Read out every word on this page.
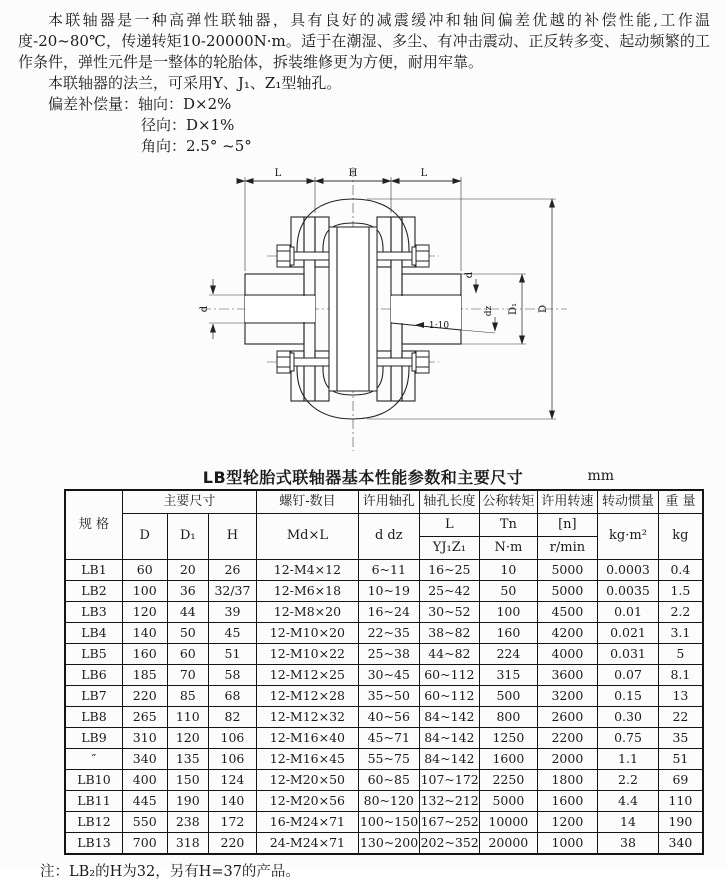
本联轴器是一种高弹性联轴器，具有良好的减震缓冲和轴间偏差优越的补偿性能,工作温度-20~80℃，传递转矩10-20000N·m。适于在潮湿、多尘、有冲击震动、正反转多变、起动频繁的工作条件，弹性元件是一整体的轮胎体，拆装维修更为方便，耐用牢靠。
本联轴器的法兰，可采用Y、J₁、Z₁型轴孔。
偏差补偿量：轴向：D×2%
径向：D×1%
角向：2.5° ~5°
L	H	L
D
D₁
d
d
dz
1:10
LB型轮胎式联轴器基本性能参数和主要尺寸	mm
规 格	主要尺寸			螺钉-数目	许用轴孔	轴孔长度	公称转矩	许用转速	转动惯量	重 量
	D	D₁	H	Md×L	d dz	L	Tn	[n]	kg·m²	kg
						YJ₁Z₁	N·m	r/min		
LB1	60	20	26	12-M4×12	6~11	16~25	10	5000	0.0003	0.4
LB2	100	36	32/37	12-M6×18	10~19	25~42	50	5000	0.0035	1.5
LB3	120	44	39	12-M8×20	16~24	30~52	100	4500	0.01	2.2
LB4	140	50	45	12-M10×20	22~35	38~82	160	4200	0.021	3.1
LB5	160	60	51	12-M10×22	25~38	44~82	224	4000	0.031	5
LB6	185	70	58	12-M12×25	30~45	60~112	315	3600	0.07	8.1
LB7	220	85	68	12-M12×28	35~50	60~112	500	3200	0.15	13
LB8	265	110	82	12-M12×32	40~56	84~142	800	2600	0.30	22
LB9	310	120	106	12-M16×40	45~71	84~142	1250	2200	0.75	35
″	340	135	106	12-M16×45	55~75	84~142	1600	2000	1.1	51
LB10	400	150	124	12-M20×50	60~85	107~172	2250	1800	2.2	69
LB11	445	190	140	12-M20×56	80~120	132~212	5000	1600	4.4	110
LB12	550	238	172	16-M24×71	100~150	167~252	10000	1200	14	190
LB13	700	318	220	24-M24×71	130~200	202~352	20000	1000	38	340
注：LB₂的H为32，另有H=37的产品。
